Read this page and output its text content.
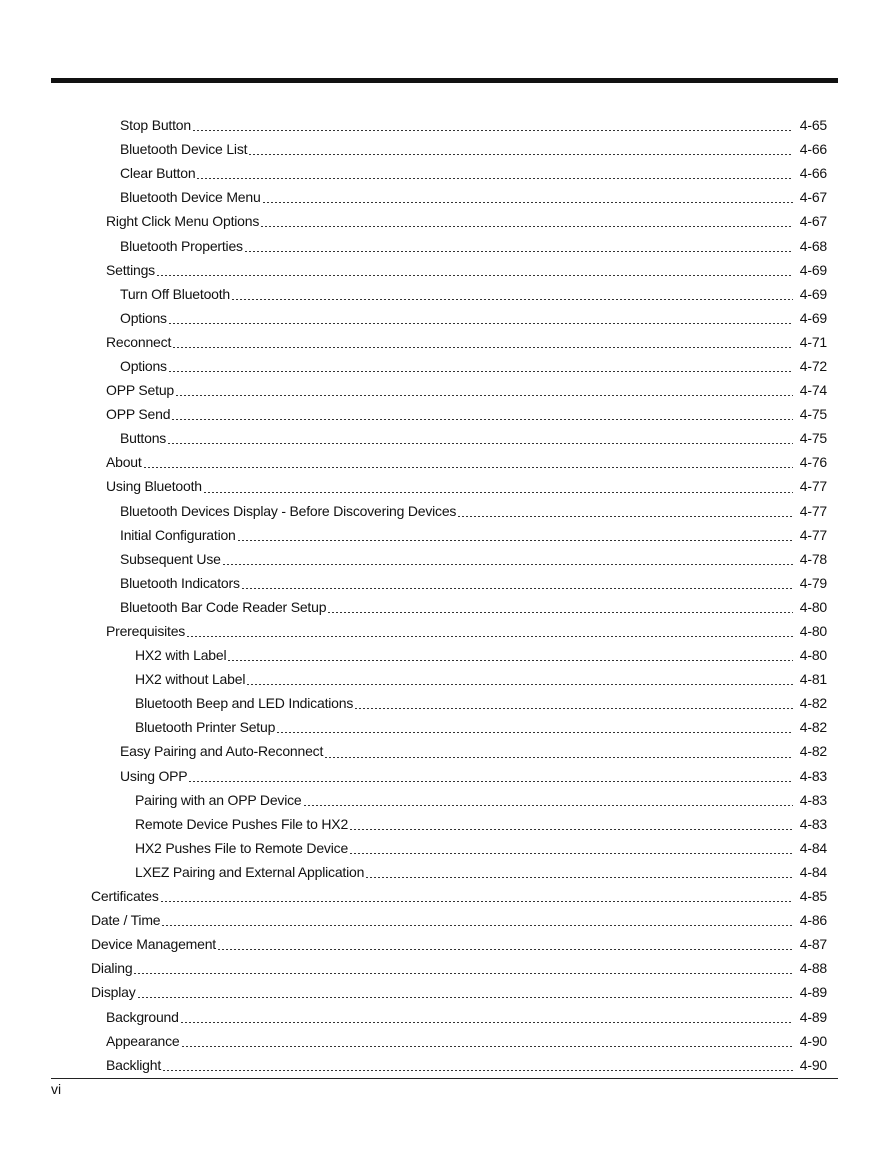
Stop Button	4-65
Bluetooth Device List	4-66
Clear Button	4-66
Bluetooth Device Menu	4-67
Right Click Menu Options	4-67
Bluetooth Properties	4-68
Settings	4-69
Turn Off Bluetooth	4-69
Options	4-69
Reconnect	4-71
Options	4-72
OPP Setup	4-74
OPP Send	4-75
Buttons	4-75
About	4-76
Using Bluetooth	4-77
Bluetooth Devices Display - Before Discovering Devices	4-77
Initial Configuration	4-77
Subsequent Use	4-78
Bluetooth Indicators	4-79
Bluetooth Bar Code Reader Setup	4-80
Prerequisites	4-80
HX2 with Label	4-80
HX2 without Label	4-81
Bluetooth Beep and LED Indications	4-82
Bluetooth Printer Setup	4-82
Easy Pairing and Auto-Reconnect	4-82
Using OPP	4-83
Pairing with an OPP Device	4-83
Remote Device Pushes File to HX2	4-83
HX2 Pushes File to Remote Device	4-84
LXEZ Pairing and External Application	4-84
Certificates	4-85
Date / Time	4-86
Device Management	4-87
Dialing	4-88
Display	4-89
Background	4-89
Appearance	4-90
Backlight	4-90
vi
